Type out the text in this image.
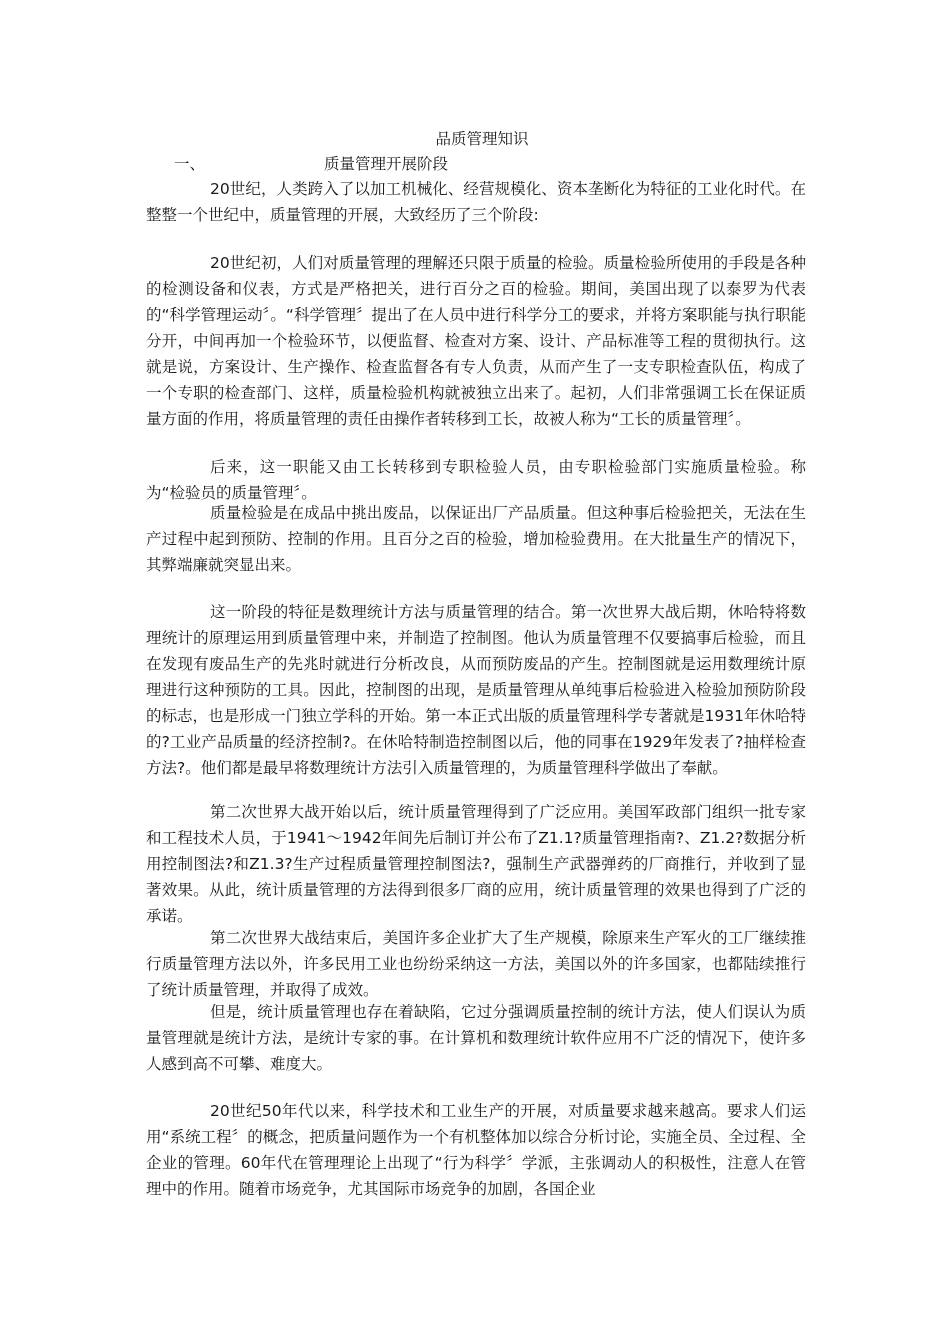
品质管理知识
一、	质量管理开展阶段

20世纪，人类跨入了以加工机械化、经营规模化、资本垄断化为特征的工业化时代。在整整一个世纪中，质量管理的开展，大致经历了三个阶段:

20世纪初，人们对质量管理的理解还只限于质量的检验。质量检验所使用的手段是各种的检测设备和仪表，方式是严格把关，进行百分之百的检验。期间，美国出现了以泰罗为代表的“科学管理运动〞。“科学管理〞提出了在人员中进行科学分工的要求，并将方案职能与执行职能分开，中间再加一个检验环节，以便监督、检查对方案、设计、产品标准等工程的贯彻执行。这就是说，方案设计、生产操作、检查监督各有专人负责，从而产生了一支专职检查队伍，构成了一个专职的检查部门、这样，质量检验机构就被独立出来了。起初，人们非常强调工长在保证质量方面的作用，将质量管理的责任由操作者转移到工长，故被人称为“工长的质量管理〞。

后来，这一职能又由工长转移到专职检验人员，由专职检验部门实施质量检验。称为“检验员的质量管理〞。

质量检验是在成品中挑出废品，以保证出厂产品质量。但这种事后检验把关，无法在生产过程中起到预防、控制的作用。且百分之百的检验，增加检验费用。在大批量生产的情况下，其弊端廉就突显出来。

这一阶段的特征是数理统计方法与质量管理的结合。第一次世界大战后期，休哈特将数理统计的原理运用到质量管理中来，并制造了控制图。他认为质量管理不仅要搞事后检验，而且在发现有废品生产的先兆时就进行分析改良，从而预防废品的产生。控制图就是运用数理统计原理进行这种预防的工具。因此，控制图的出现，是质量管理从单纯事后检验进入检验加预防阶段的标志，也是形成一门独立学科的开始。第一本正式出版的质量管理科学专著就是1931年休哈特的?工业产品质量的经济控制?。在休哈特制造控制图以后，他的同事在1929年发表了?抽样检查方法?。他们都是最早将数理统计方法引入质量管理的，为质量管理科学做出了奉献。

第二次世界大战开始以后，统计质量管理得到了广泛应用。美国军政部门组织一批专家和工程技术人员，于1941～1942年间先后制订并公布了Z1.1?质量管理指南?、Z1.2?数据分析用控制图法?和Z1.3?生产过程质量管理控制图法?，强制生产武器弹药的厂商推行，并收到了显著效果。从此，统计质量管理的方法得到很多厂商的应用，统计质量管理的效果也得到了广泛的承诺。

第二次世界大战结束后，美国许多企业扩大了生产规模，除原来生产军火的工厂继续推行质量管理方法以外，许多民用工业也纷纷采纳这一方法，美国以外的许多国家，也都陆续推行了统计质量管理，并取得了成效。

但是，统计质量管理也存在着缺陷，它过分强调质量控制的统计方法，使人们误认为质量管理就是统计方法，是统计专家的事。在计算机和数理统计软件应用不广泛的情况下，使许多人感到高不可攀、难度大。

20世纪50年代以来，科学技术和工业生产的开展，对质量要求越来越高。要求人们运用“系统工程〞的概念，把质量问题作为一个有机整体加以综合分析讨论，实施全员、全过程、全企业的管理。60年代在管理理论上出现了“行为科学〞学派，主张调动人的积极性，注意人在管理中的作用。随着市场竞争，尤其国际市场竞争的加剧，各国企业
